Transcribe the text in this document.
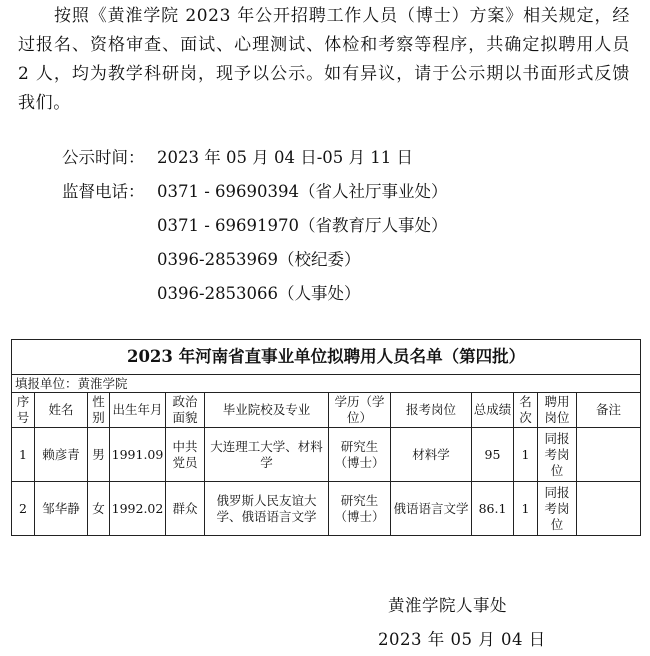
按照《黄淮学院 2023 年公开招聘工作人员（博士）方案》相关规定，经过报名、资格审查、面试、心理测试、体检和考察等程序，共确定拟聘用人员 2 人，均为教学科研岗，现予以公示。如有异议，请于公示期以书面形式反馈我们。
公示时间： 2023 年 05 月 04 日-05 月 11 日
监督电话： 0371 - 69690394（省人社厅事业处）
0371 - 69691970（省教育厅人事处）
0396-2853969（校纪委）
0396-2853066（人事处）
2023 年河南省直事业单位拟聘用人员名单（第四批）											
填报单位：黄淮学院											
序号	姓名	性别	出生年月	政治面貌	毕业院校及专业	学历（学位）	报考岗位	总成绩	名次	聘用岗位	备注
1	赖彦青	男	1991.09	中共党员	大连理工大学、材料学	研究生（博士）	材料学	95	1	同报考岗位	
2	邹华静	女	1992.02	群众	俄罗斯人民友谊大学、俄语语言文学	研究生（博士）	俄语语言文学	86.1	1	同报考岗位	
黄淮学院人事处
2023 年 05 月 04 日
